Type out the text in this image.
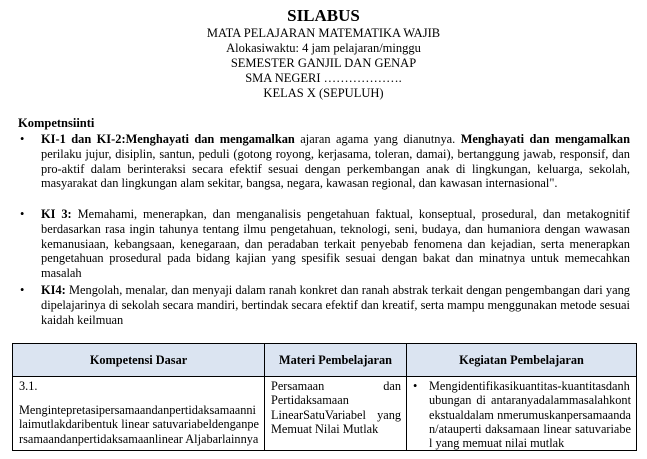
SILABUS
MATA PELAJARAN MATEMATIKA WAJIB
Alokasiwaktu: 4 jam pelajaran/minggu
SEMESTER GANJIL DAN GENAP
SMA NEGERI ……………….
KELAS X (SEPULUH)
Kompetnsiinti
•	KI-1 dan KI-2:Menghayati dan mengamalkan ajaran agama yang dianutnya. Menghayati dan mengamalkan perilaku jujur, disiplin, santun, peduli (gotong royong, kerjasama, toleran, damai), bertanggung jawab, responsif, dan pro-aktif dalam berinteraksi secara efektif sesuai dengan perkembangan anak di lingkungan, keluarga, sekolah, masyarakat dan lingkungan alam sekitar, bangsa, negara, kawasan regional, dan kawasan internasional".
•	KI 3: Memahami, menerapkan, dan menganalisis pengetahuan faktual, konseptual, prosedural, dan metakognitif berdasarkan rasa ingin tahunya tentang ilmu pengetahuan, teknologi, seni, budaya, dan humaniora dengan wawasan kemanusiaan, kebangsaan, kenegaraan, dan peradaban terkait penyebab fenomena dan kejadian, serta menerapkan pengetahuan prosedural pada bidang kajian yang spesifik sesuai dengan bakat dan minatnya untuk memecahkan masalah
•	KI4: Mengolah, menalar, dan menyaji dalam ranah konkret dan ranah abstrak terkait dengan pengembangan dari yang dipelajarinya di sekolah secara mandiri, bertindak secara efektif dan kreatif, serta mampu menggunakan metode sesuai kaidah keilmuan
Kompetensi Dasar	Materi Pembelajaran	Kegiatan Pembelajaran

3.1.
Mengintepretasipersamaandanpertidaksamaannilaimutlakdaribentuk linear satuvariabeldenganpersamaandanpertidaksamaanlinear Aljabarlainnya	Persamaan dan Pertidaksamaan LinearSatuVariabel yang Memuat Nilai Mutlak	• Mengidentifikasikuantitas-kuantitasdanhubungan di antaranyadalammasalahkontekstualdalam nmerumuskanpersamaandan/atauperti daksamaan linear satuvariabel yang memuat nilai mutlak
